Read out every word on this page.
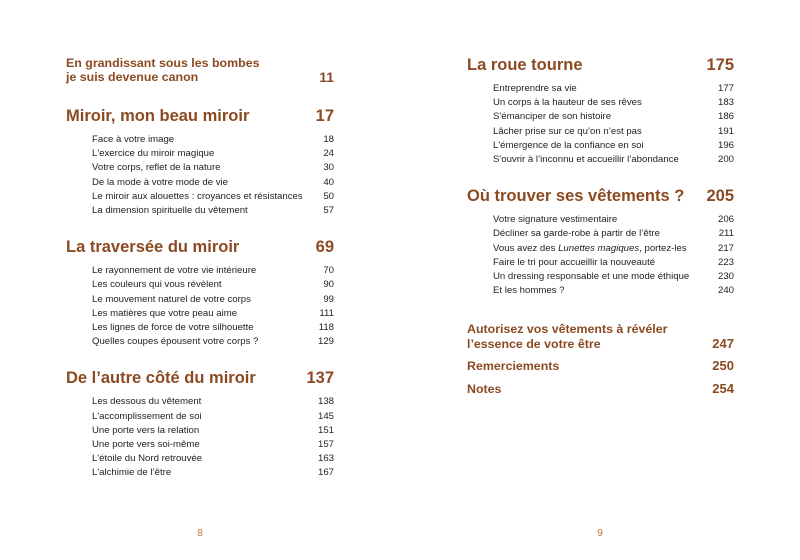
En grandissant sous les bombes
je suis devenue canon	11
Miroir, mon beau miroir	17
Face à votre image	18
L'exercice du miroir magique	24
Votre corps, reflet de la nature	30
De la mode à votre mode de vie	40
Le miroir aux alouettes : croyances et résistances 50
La dimension spirituelle du vêtement	57
La traversée du miroir	69
Le rayonnement de votre vie intérieure	70
Les couleurs qui vous révèlent	90
Le mouvement naturel de votre corps	99
Les matières que votre peau aime	111
Les lignes de force de votre silhouette	118
Quelles coupes épousent votre corps ?	129
De l’autre côté du miroir	137
Les dessous du vêtement	138
L'accomplissement de soi	145
Une porte vers la relation	151
Une porte vers soi-même	157
L'étoile du Nord retrouvée	163
L'alchimie de l’être	167
8
La roue tourne	175
Entreprendre sa vie	177
Un corps à la hauteur de ses rêves	183
S'émanciper de son histoire	186
Lâcher prise sur ce qu’on n’est pas	191
L'émergence de la confiance en soi	196
S'ouvrir à l’inconnu et accueillir l’abondance	200
Où trouver ses vêtements ? 205
Votre signature vestimentaire	206
Décliner sa garde-robe à partir de l’être	211
Vous avez des Lunettes magiques, portez-les	217
Faire le tri pour accueillir la nouveauté	223
Un dressing responsable et une mode éthique	230
Et les hommes ?	240
Autorisez vos vêtements à révéler
l’essence de votre être	247
Remerciements	250
Notes	254
9
